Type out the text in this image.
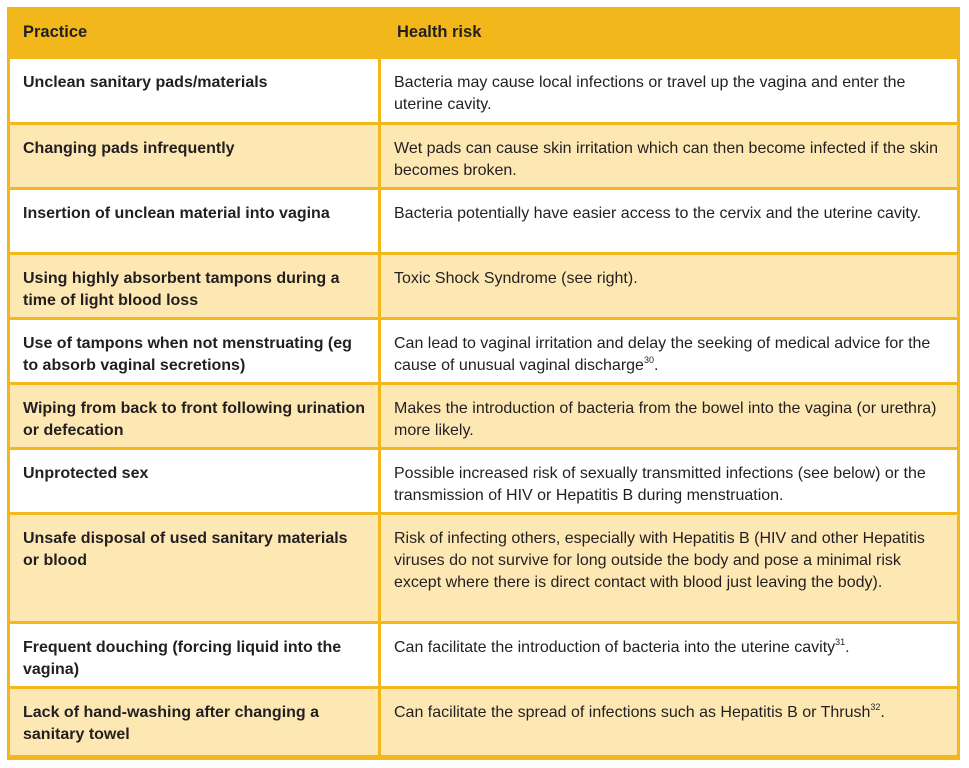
Practice		Health risk
Unclean sanitary pads/materials		Bacteria may cause local infections or travel up the vagina and enter the uterine cavity.
Changing pads infrequently		Wet pads can cause skin irritation which can then become infected if the skin becomes broken.
Insertion of unclean material into vagina		Bacteria potentially have easier access to the cervix and the uterine cavity.
Using highly absorbent tampons during a time of light blood loss		Toxic Shock Syndrome (see right).
Use of tampons when not menstruating (eg to absorb vaginal secretions)		Can lead to vaginal irritation and delay the seeking of medical advice for the cause of unusual vaginal discharge$^{30}$.
Wiping from back to front following urination or defecation		Makes the introduction of bacteria from the bowel into the vagina (or urethra) more likely.
Unprotected sex		Possible increased risk of sexually transmitted infections (see below) or the transmission of HIV or Hepatitis B during menstruation.
Unsafe disposal of used sanitary materials or blood		Risk of infecting others, especially with Hepatitis B (HIV and other Hepatitis viruses do not survive for long outside the body and pose a minimal risk except where there is direct contact with blood just leaving the body).
Frequent douching (forcing liquid into the vagina)		Can facilitate the introduction of bacteria into the uterine cavity$^{31}$.
Lack of hand-washing after changing a sanitary towel		Can facilitate the spread of infections such as Hepatitis B or Thrush$^{32}$.
